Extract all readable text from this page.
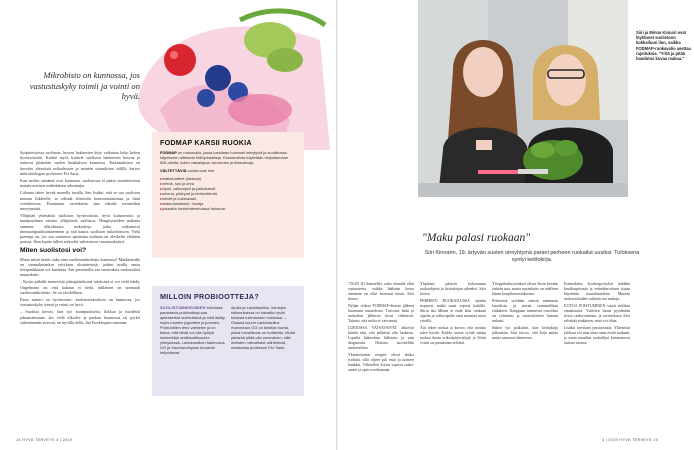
Mikrobisto on kunnossa, jos vastustuskyky toimii ja vointi on hyvä.

Syöpätestoissa suoliston, hyvien bakteerien kirjo vaikuttaa koko kehon hyvinvointiin. Kuidut myös lisäävät suoliston bakteerien kasvua ja auttavat pitämään suolen limakalvon kunnossa. Tutkimuksissa on havaittu yhteyksiä mikrobiston ja monien sairauksien välillä, kertoo mikrobiologian professori Per Saris.

Kun suolen seinämä ovat kunnossa, suolistossa ei pääse verenkiertoon matala-asteisen tulehduksen aiheuttajia.

Liikunta tekee hyvää monella tavalla. Sen lisäksi, että se saa suoliston massan liikkeelle, se edistää elimistön hormonitoimintaa ja lisää verenkiertoa. Parantunut verenkierto taas edistää ravinteiden imeytymistä.

Ylläpitää yhtenäistä suoliston hyvinvointia, hyvä kuituravinto ja monipuolinen ravinto ylläpitävät suolistoa. Hengitysteiden mukana saamme ulkoilmasta mikrobeja, jotka vaikuttavat immuunipuolustukseemme ja sitä kautta suoliston mikrobistoon. Vielä parempi on, jos saa sormensa upotettua multaan tai oleskelee eläinten parissa. Ihon kautta tulleet mikrobit vahvistavat vastustuskykyä.

Miten suolistosi voi?

Mutta mistä tietää, onko oma suolistomikrobisto kunnossa? Markkinoilla on suomalaisenkin yrityksen ulostetestejä, joiden avulla omaa tietopankkiaan voi kartuttaa. Sen perusteella saa suosituksia ruokavalion muutoksiin.

– Kovin pitkälle menevistä johtopäätöksistä tuloksista ei voi vielä tehdä. Ongelmana on, että kukaan ei tiedä, millainen on normaali suolistomikrobisto. Se on yksilöllinen.

Paras mittari on hyvinvointi: suolistomikrobisto on kunnossa, jos vastustuskyky toimii ja vointi on hyvä.

– Suolisto kertoo, kun syö monipuolisesti, liikkuu ja huolehtii jaksamisestaan. Jos vielä ulkoilee ja puuhaa luonnossa tai pyrkii vähentämään stressiä, on hyvällä tiellä, Jari Koskenpato summaa.

FODMAP KARSII RUOKIA

FODMAP on ruokavalio, jossa karsitaan huonosti imeytyviä ja suolistossa käymiseen altistavia hiilihydraatteja. Ruokavaliota käytetään helpottamaan IBS-oireita, kuten vatsakipua, turvotusta ja ilmavaivoja.

VÄLTETTÄVIÄ ruokia ovat mm.

▸ maitotuotteet (laktoosi)
▸ vehnä, ruis ja ohra
▸ sipuli, valkosipuli ja palkokasvit
▸ omena, päärynä ja kivihedelmät
▸ sienet ja kukkakaali
▸ makeutusaineet, hunaja
▸ joissakin hedelmämehuissa fruktoosi
MILLOIN PROBIOOTTEJA?
SUOLISTOMIKROBIEN toimintaa parantavia probiootteja saa apteekeista ravintolisinä ja niitä lisätty myös monien jogurttien ja juomien. Probioottien teho vaihtelee ja on tietoa, että niistä voi olla hyötyä esimerkiksi antibioottikuurien yhteydessä. Lactobacillus rhamnosus GG ja Saccharomyces boulardii helpottavat
ripulia ja Lactobacillus -kantojen tutkimuksissa on havaittu hyviä tuloksia tulehdusten hoidossa. – Osassa kuurin Lactobacillus rhamnosus GG on tutkituin kanta, jonka turvallisuus on todistettu. Mutta yleisesti pitää olla varovainen, sillä ihmisten mikrobistot vaihtelevat, muistuttaa professori Per Saris.
14 HYVÄ TERVEYS 4 | 2019
Siiri ja Minna Kinnari ovat löytäneet suolistoon kokkailuun ilon, vaikka FODMAP-ruokavalio asettaa rajoituksia. "Yritä ja pitää haudutus kuvaa makua."
"Maku palasi ruokaan"
Siiri Kinnarin, 19, ärtyvän suolen oireyhtymä parani perheen ruokailut uusiksi. Tuloksena syntyi keittokirja.

"OLIN JO ihmetellyt, onko minulla ollut vatsaoireita, vaikka lääkärin luona aiemmin en ollut kertonut niistä. Siiri kertoo.

Neljän viikon FODMAP-dieetin jälkeen huomasin muutoksen. Turvotus laski ja ruokailun jälkeiset kivut vähenivät. Tajusin, että ruoka ei vaivannut.

LUKIOSSA VATSAVAIVAT alkoivat häiritä niin, että pelkäsin olla luokassa. Lopulta hakeuduin lääkäriin ja sain diagnoosin. Hoitona suositeltiin ruokavaliota.

Yksinkertaiset reseptit olivat aluksi työläitä, sillä ohjeet piti etsiä ja tuotteet hankkia. Vähitellen löysin sopivat raaka-aineet ja opin soveltamaan.

Ylipitäen päätyin kokoamaan ruokaohjeita ja keittokirjan aiheeksi, Siiri kertoo.

PERHEEN RUOKAILUSSA opittiin nopeasti, mitkä ruoat sopivat kaikille. Siirin äiti Minna ei enää laita ruokaan sipulia ja valkosipulia vaan maustaa ruoat yrteillä.

Äiti tekee ruokaa ja kertoo, että ruoasta tulee hyvää. Kaikki saavat syödä samaa ruokaa ilman erikoisjärjestelyjä, ja Siirin vointi on parantunut selvästi.

Ylioppilaskirjoitukset olivat Siirin kevään tärkein asia, mutta ruoanlaitto on edelleen hänen lempiharrastuksensa.

Perheessä syödään entistä enemmän kasviksia, ja ateriat suunnitellaan etukäteen. Kauppaan mennessä ostoslista on valmiina, ja tuoteselosteet luetaan tarkasti.

Sitkeä työ palkittiin, kun keittokirja julkaistiin. Siiri toivoo, että kirja auttaa muita samassa tilanteessa.

Esimerkiksi broileripyörykät tehdään kesäkurpitsasta ja vehnäkerroksen sijaan käytetään kaurahiutaleita. Muiden ruokavalioiden vaihtelu tuo makuja.

KOTOA POISTUMINEN vaatii vieläkin ennakointia. Ystävien luona pyydetään tietoa raaka-aineista, ja ravintolassa Siiri selvittää etukäteen, mitä voi tilata.

Lisäksi tarvitaan joustavuutta. Yhteisissä juhlissa voi aina ottaa omat eväät mukaan, ja usein muutkin ruokailijat kiinnostuvat uusista ruoista.

4 | 2019 HYVÄ TERVEYS 15
